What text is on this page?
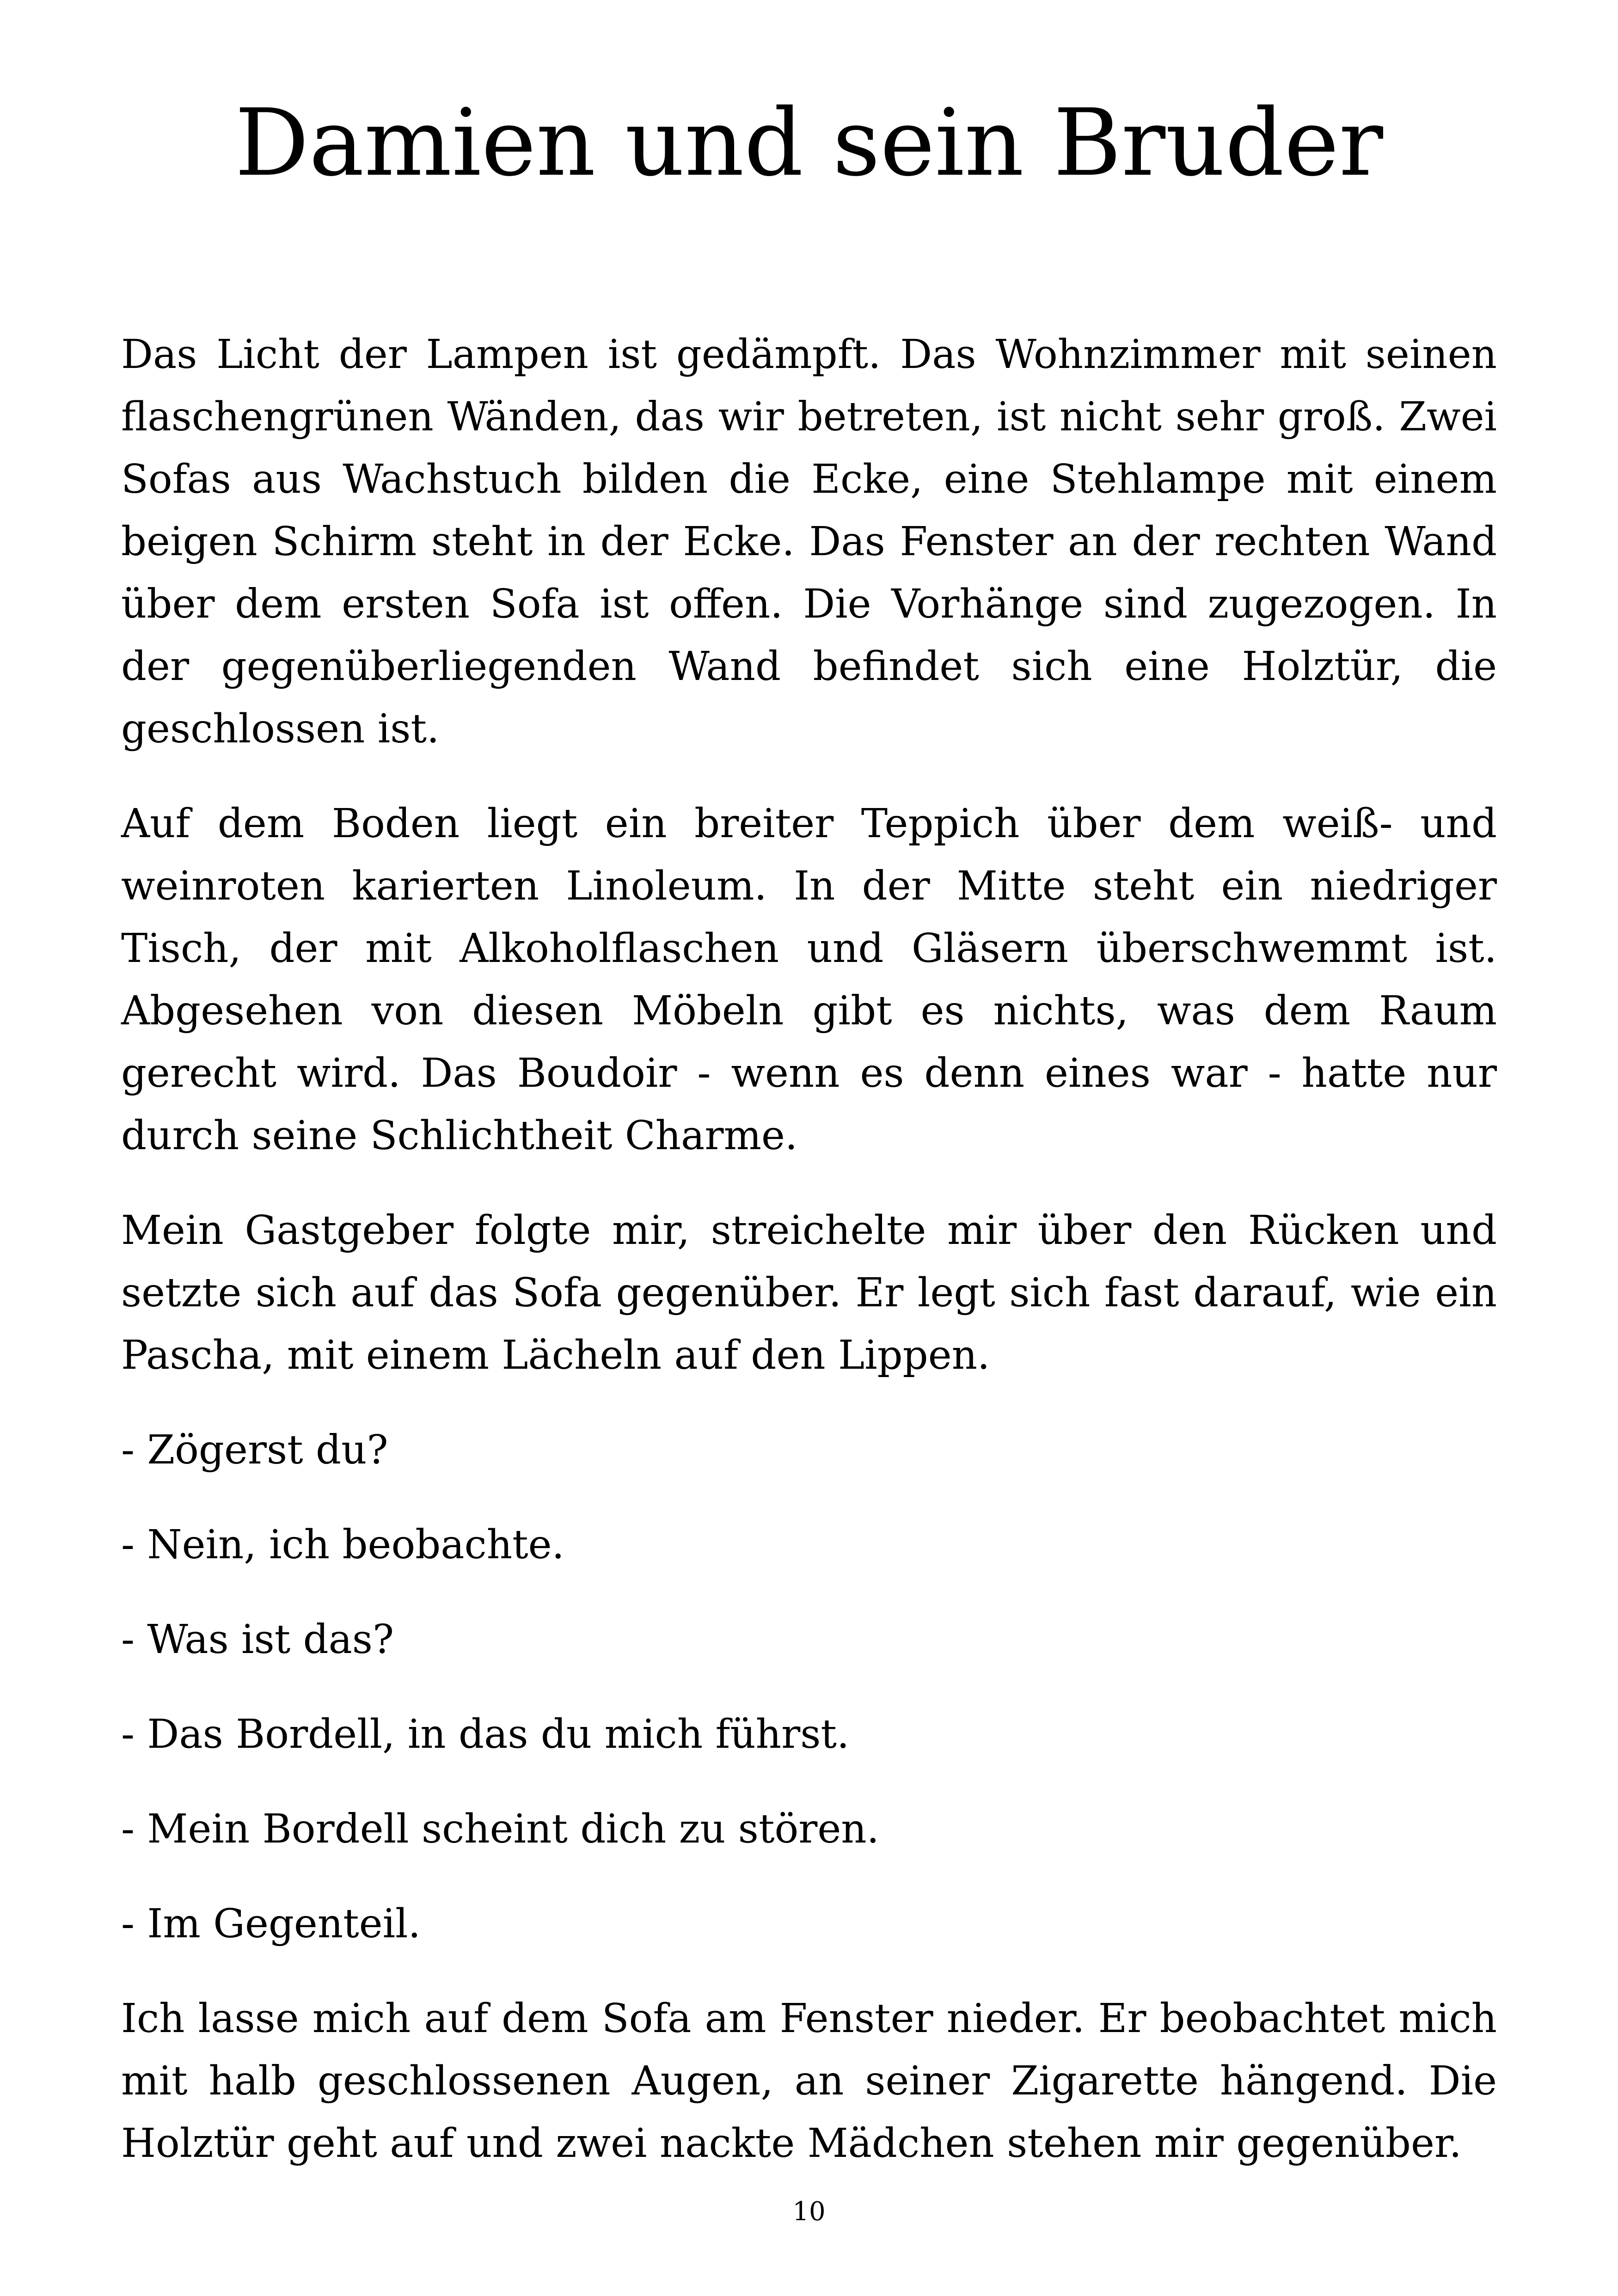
Damien und sein Bruder

Das Licht der Lampen ist gedämpft. Das Wohnzimmer mit seinen flaschengrünen Wänden, das wir betreten, ist nicht sehr groß. Zwei Sofas aus Wachstuch bilden die Ecke, eine Stehlampe mit einem beigen Schirm steht in der Ecke. Das Fenster an der rechten Wand über dem ersten Sofa ist offen. Die Vorhänge sind zugezogen. In der gegenüberliegenden Wand befindet sich eine Holztür, die geschlossen ist.

Auf dem Boden liegt ein breiter Teppich über dem weiß- und weinroten karierten Linoleum. In der Mitte steht ein niedriger Tisch, der mit Alkoholflaschen und Gläsern überschwemmt ist. Abgesehen von diesen Möbeln gibt es nichts, was dem Raum gerecht wird. Das Boudoir - wenn es denn eines war - hatte nur durch seine Schlichtheit Charme.

Mein Gastgeber folgte mir, streichelte mir über den Rücken und setzte sich auf das Sofa gegenüber. Er legt sich fast darauf, wie ein Pascha, mit einem Lächeln auf den Lippen.

- Zögerst du?

- Nein, ich beobachte.

- Was ist das?

- Das Bordell, in das du mich führst.

- Mein Bordell scheint dich zu stören.

- Im Gegenteil.

Ich lasse mich auf dem Sofa am Fenster nieder. Er beobachtet mich mit halb geschlossenen Augen, an seiner Zigarette hängend. Die Holztür geht auf und zwei nackte Mädchen stehen mir gegenüber.

10
